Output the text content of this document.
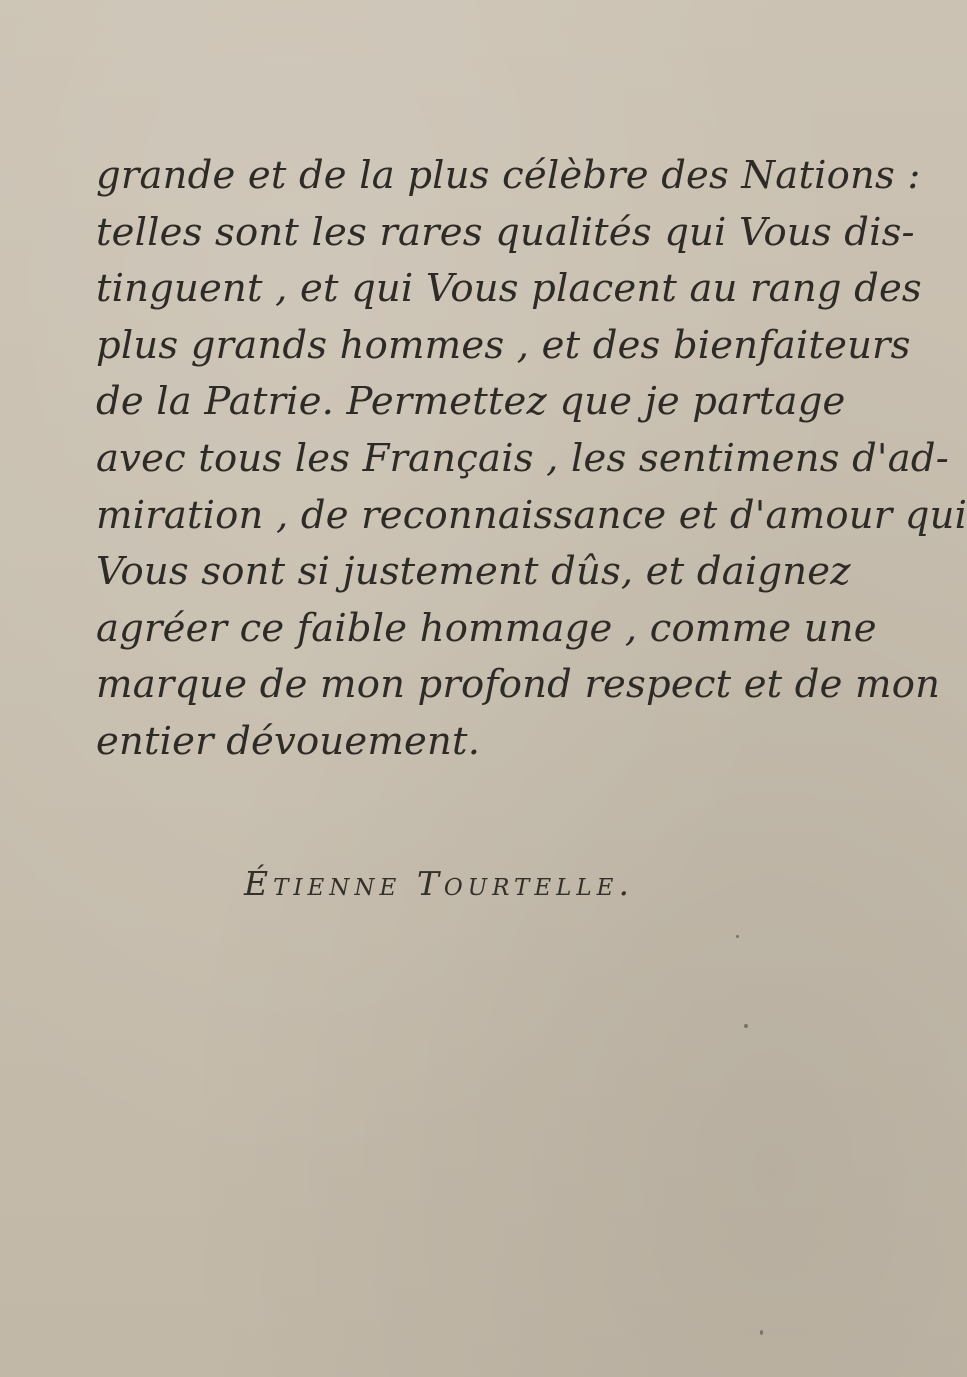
grande et de la plus célèbre des Nations :
telles sont les rares qualités qui Vous dis-
tinguent , et qui Vous placent au rang des
plus grands hommes , et des bienfaiteurs
de la Patrie. Permettez que je partage
avec tous les Français , les sentimens d'ad-
miration , de reconnaissance et d'amour qui
Vous sont si justement dûs, et daignez
agréer ce faible hommage , comme une
marque de mon profond respect et de mon
entier dévouement.
Étienne Tourtelle.
